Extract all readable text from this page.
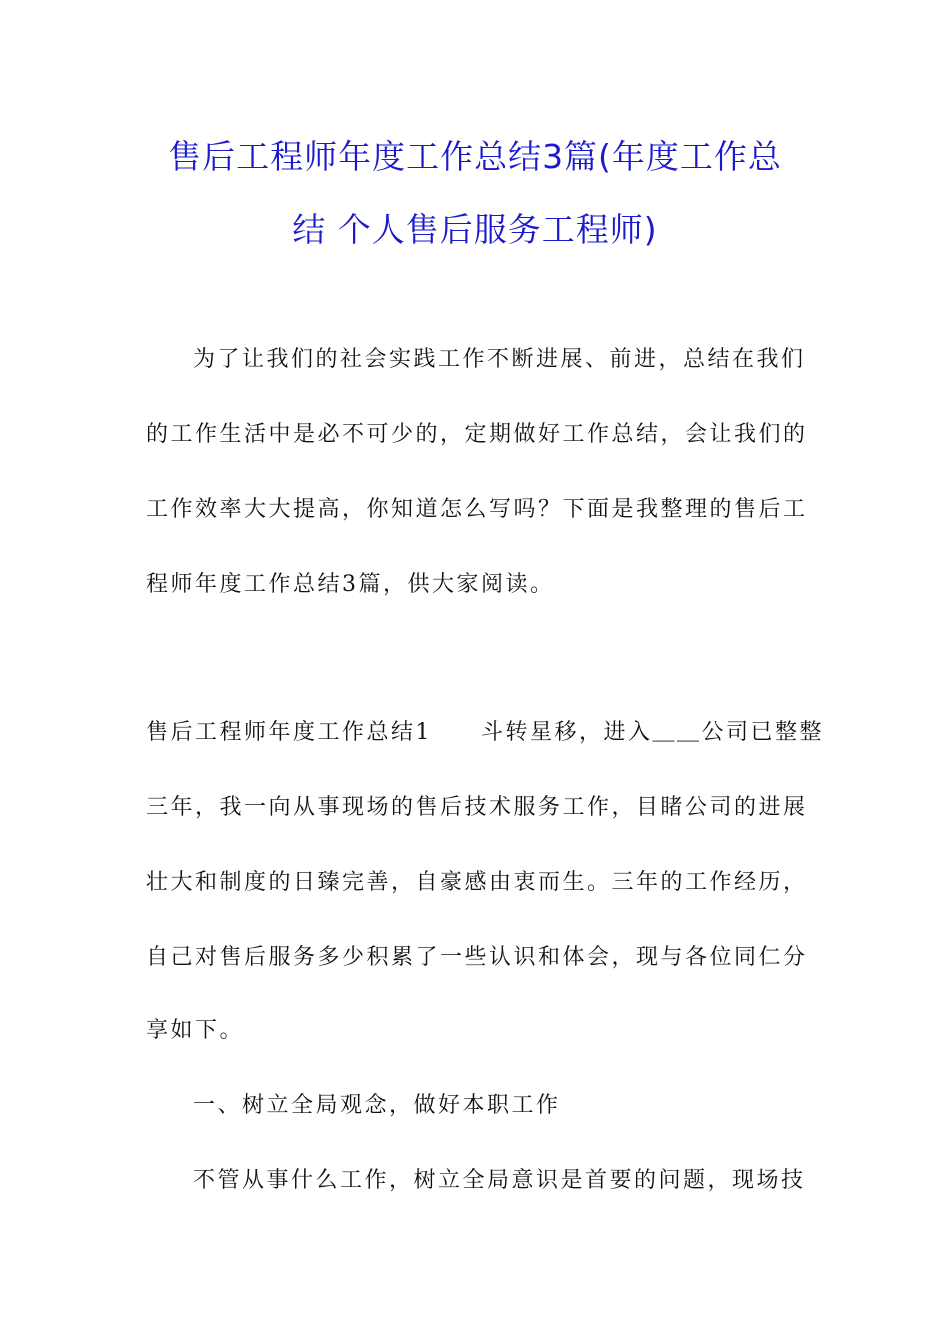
售后工程师年度工作总结3篇(年度工作总
结 个人售后服务工程师)
为了让我们的社会实践工作不断进展、前进，总结在我们
的工作生活中是必不可少的，定期做好工作总结，会让我们的
工作效率大大提高，你知道怎么写吗？下面是我整理的售后工
程师年度工作总结3篇，供大家阅读。
售后工程师年度工作总结1　　斗转星移，进入＿＿公司已整整
三年，我一向从事现场的售后技术服务工作，目睹公司的进展
壮大和制度的日臻完善，自豪感由衷而生。三年的工作经历，
自己对售后服务多少积累了一些认识和体会，现与各位同仁分
享如下。
一、树立全局观念，做好本职工作
不管从事什么工作，树立全局意识是首要的问题，现场技
